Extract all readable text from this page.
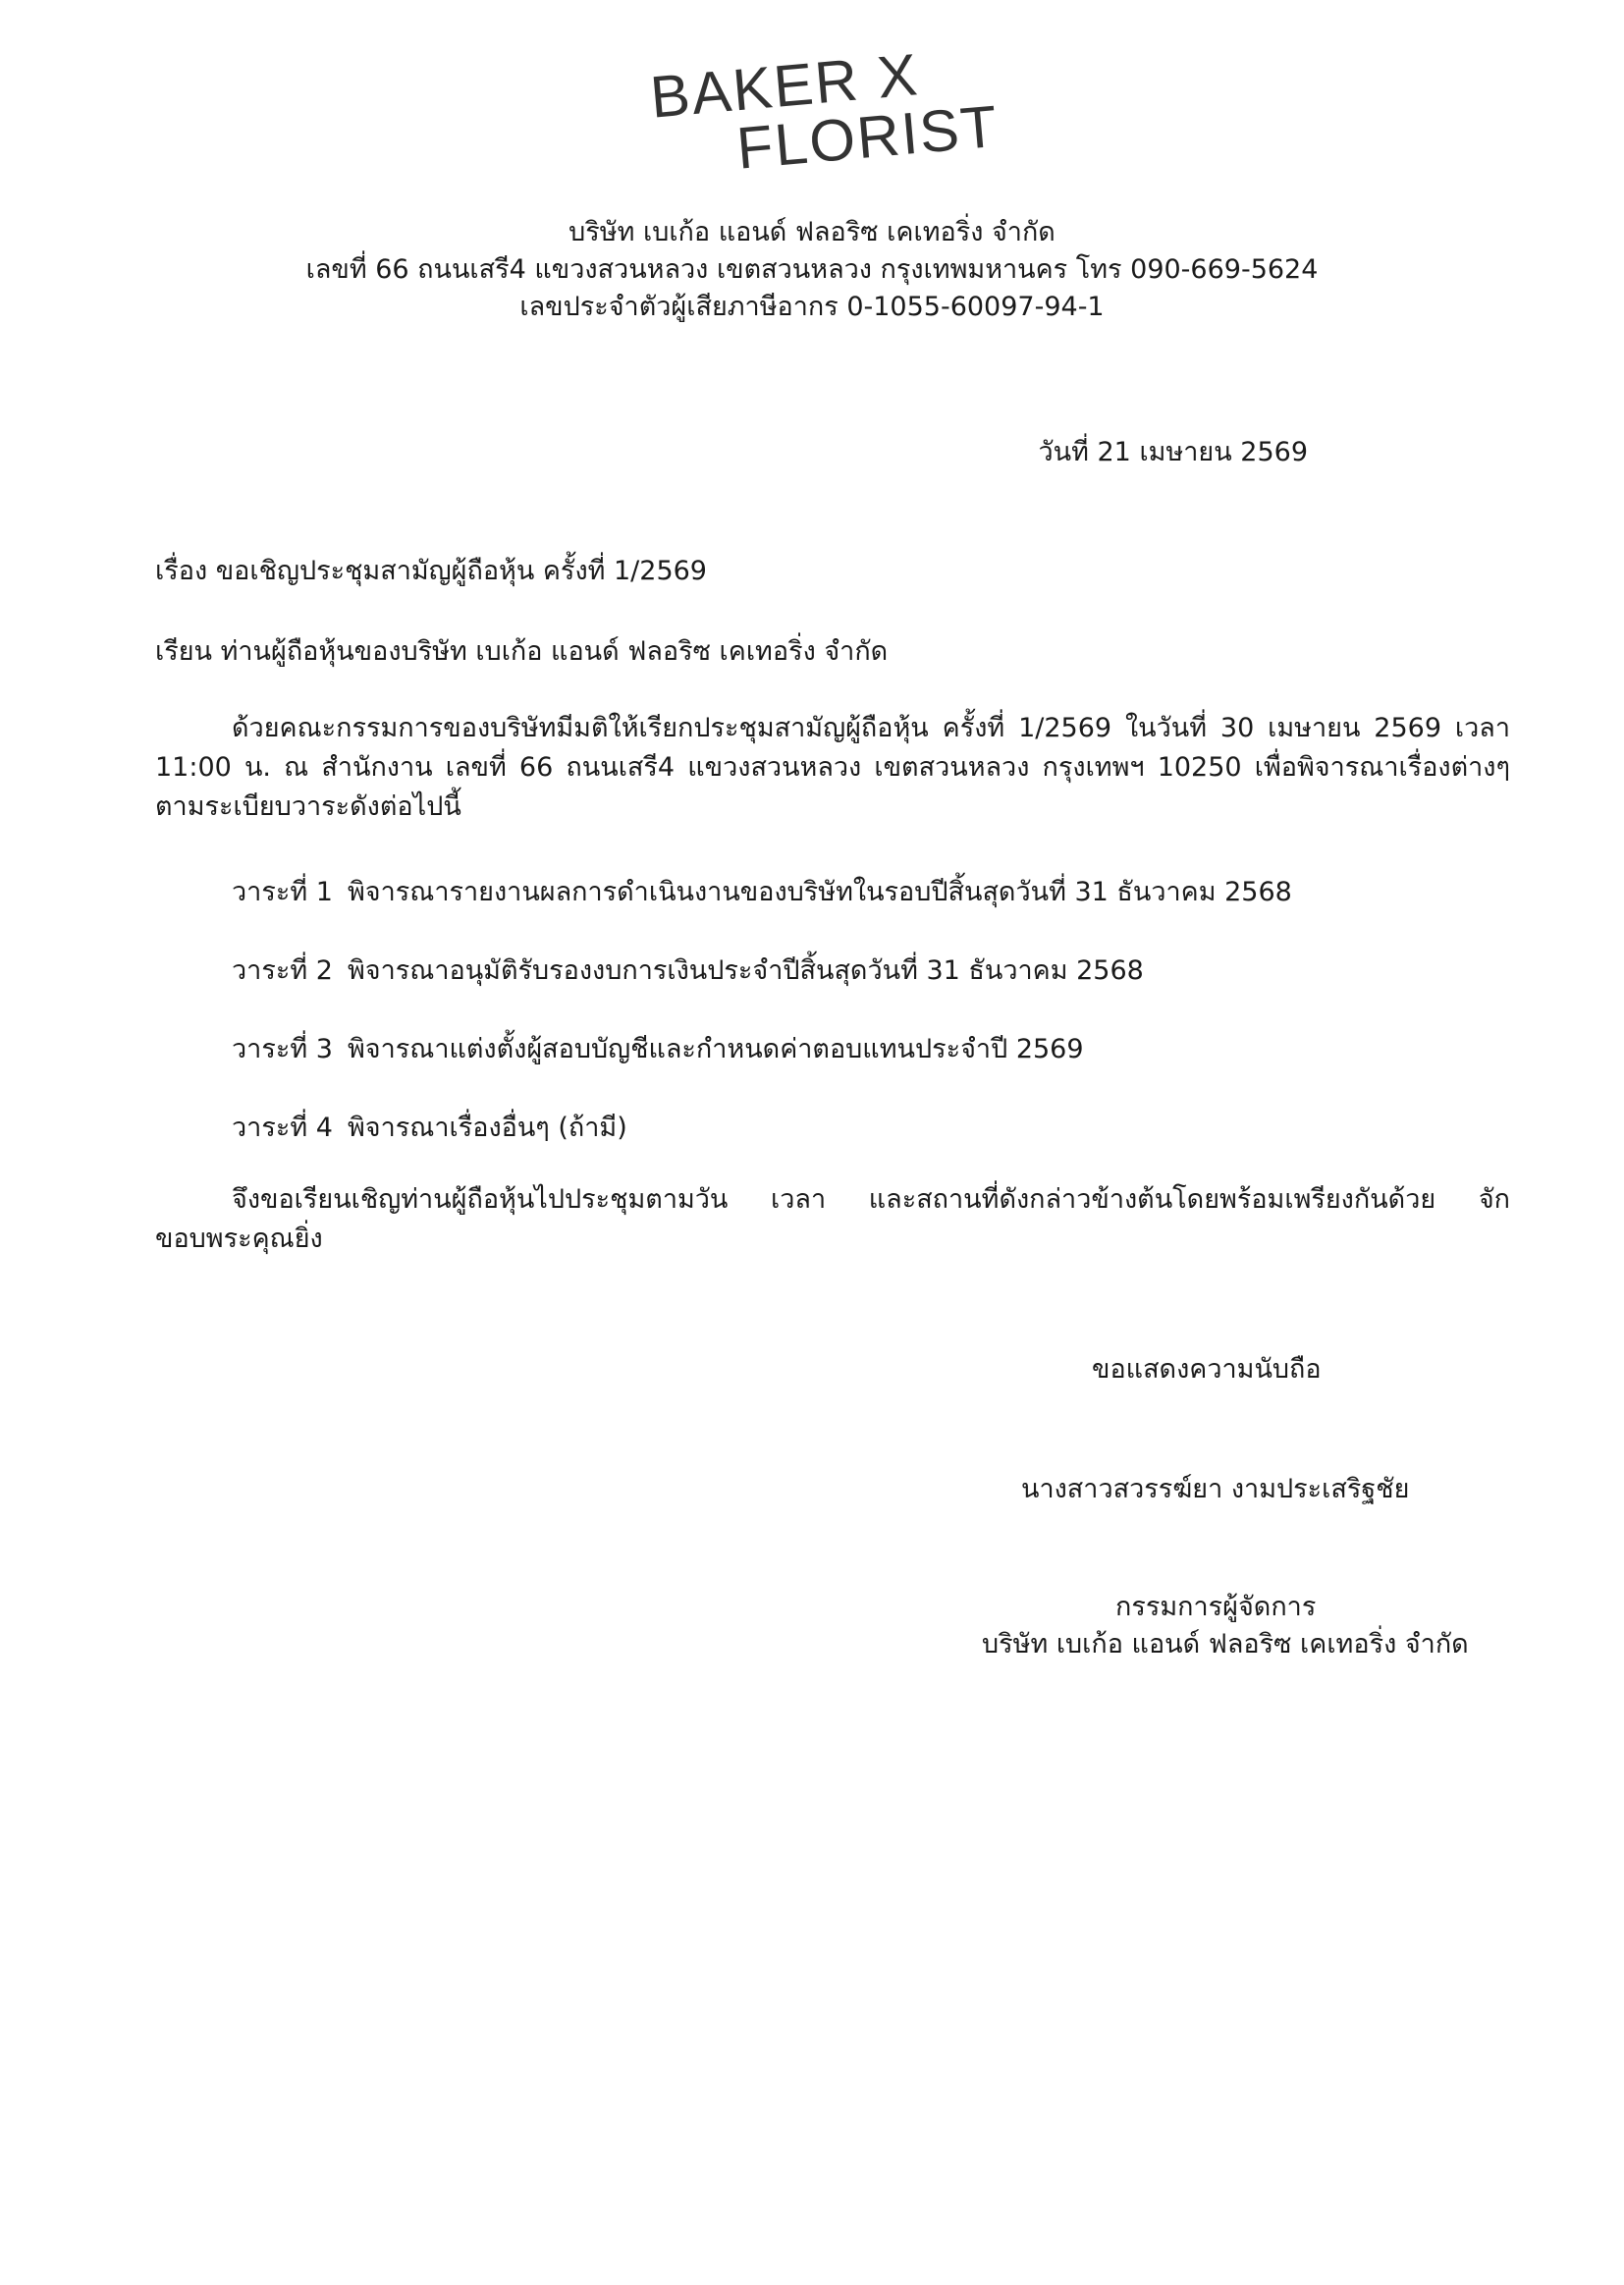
BAKER X
FLORIST
บริษัท เบเก้อ แอนด์ ฟลอริซ เคเทอริ่ง จำกัด
เลขที่ 66 ถนนเสรี4 แขวงสวนหลวง เขตสวนหลวง กรุงเทพมหานคร โทร 090-669-5624
เลขประจำตัวผู้เสียภาษีอากร 0-1055-60097-94-1
วันที่ 21 เมษายน 2569
เรื่อง ขอเชิญประชุมสามัญผู้ถือหุ้น ครั้งที่ 1/2569
เรียน ท่านผู้ถือหุ้นของบริษัท เบเก้อ แอนด์ ฟลอริซ เคเทอริ่ง จำกัด
ด้วยคณะกรรมการของบริษัทมีมติให้เรียกประชุมสามัญผู้ถือหุ้น ครั้งที่ 1/2569 ในวันที่ 30 เมษายน 2569 เวลา 11:00 น. ณ สำนักงาน เลขที่ 66 ถนนเสรี4 แขวงสวนหลวง เขตสวนหลวง กรุงเทพฯ 10250 เพื่อพิจารณาเรื่องต่างๆ ตามระเบียบวาระดังต่อไปนี้
วาระที่ 1 พิจารณารายงานผลการดำเนินงานของบริษัทในรอบปีสิ้นสุดวันที่ 31 ธันวาคม 2568
วาระที่ 2 พิจารณาอนุมัติรับรองงบการเงินประจำปีสิ้นสุดวันที่ 31 ธันวาคม 2568
วาระที่ 3 พิจารณาแต่งตั้งผู้สอบบัญชีและกำหนดค่าตอบแทนประจำปี 2569
วาระที่ 4 พิจารณาเรื่องอื่นๆ (ถ้ามี)
จึงขอเรียนเชิญท่านผู้ถือหุ้นไปประชุมตามวัน เวลา และสถานที่ดังกล่าวข้างต้นโดยพร้อมเพรียงกันด้วย จักขอบพระคุณยิ่ง
ขอแสดงความนับถือ
นางสาวสวรรฆ์ยา งามประเสริฐชัย
กรรมการผู้จัดการ
บริษัท เบเก้อ แอนด์ ฟลอริซ เคเทอริ่ง จำกัด
